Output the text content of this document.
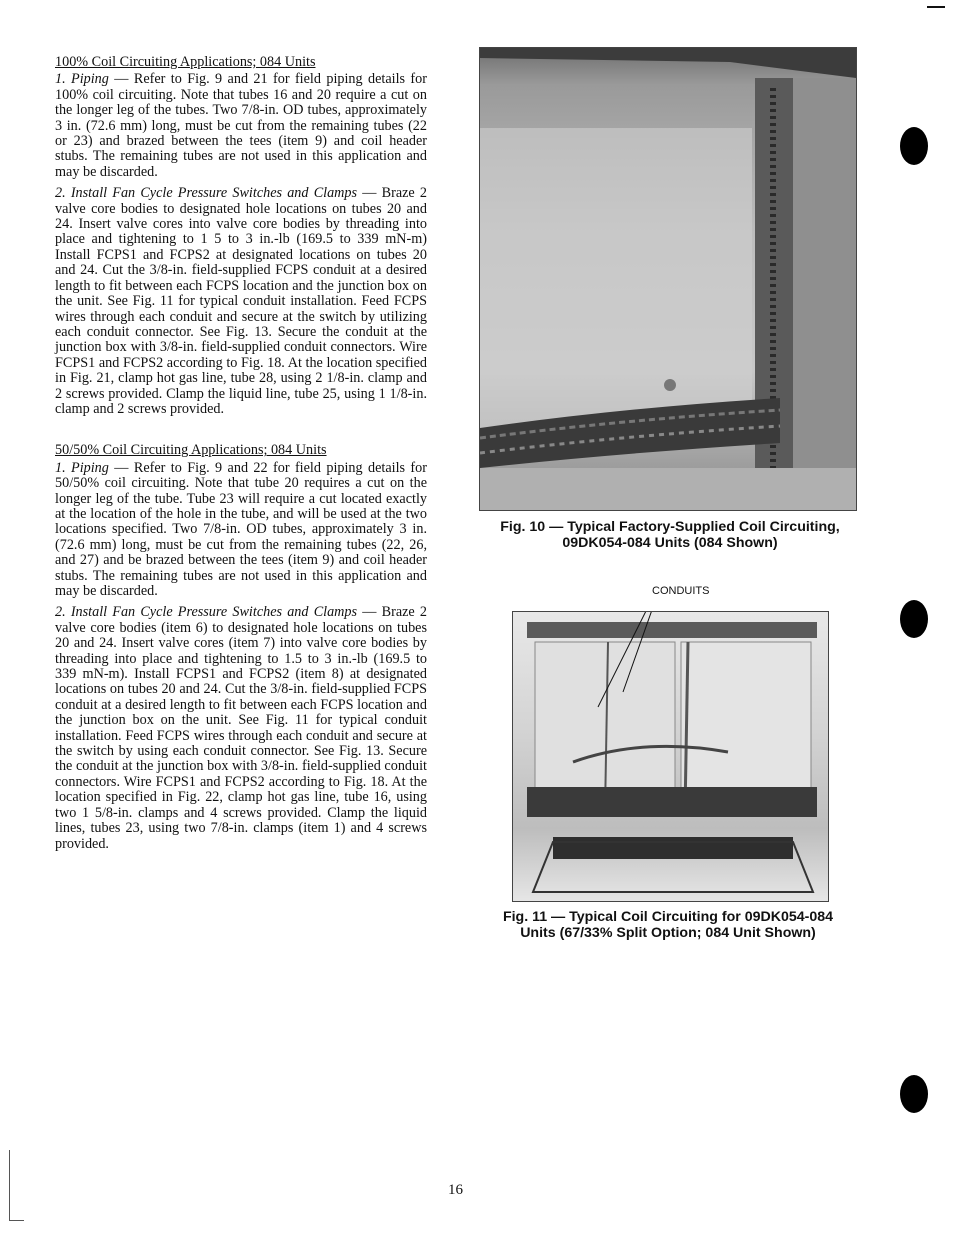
100% Coil Circuiting Applications; 084 Units

1. Piping — Refer to Fig. 9 and 21 for field piping details for 100% coil circuiting. Note that tubes 16 and 20 require a cut on the longer leg of the tubes. Two 7/8-in. OD tubes, approximately 3 in. (72.6 mm) long, must be cut from the remaining tubes (22 or 23) and brazed between the tees (item 9) and coil header stubs. The remaining tubes are not used in this application and may be discarded.

2. Install Fan Cycle Pressure Switches and Clamps — Braze 2 valve core bodies to designated hole locations on tubes 20 and 24. Insert valve cores into valve core bodies by threading into place and tightening to 1 5 to 3 in.-lb (169.5 to 339 mN-m) Install FCPS1 and FCPS2 at designated locations on tubes 20 and 24. Cut the 3/8-in. field-supplied FCPS conduit at a desired length to fit between each FCPS location and the junction box on the unit. See Fig. 11 for typical conduit installation. Feed FCPS wires through each conduit and secure at the switch by utilizing each conduit connector. See Fig. 13. Secure the conduit at the junction box with 3/8-in. field-supplied conduit connectors. Wire FCPS1 and FCPS2 according to Fig. 18. At the location specified in Fig. 21, clamp hot gas line, tube 28, using 2 1/8-in. clamp and 2 screws provided. Clamp the liquid line, tube 25, using 1 1/8-in. clamp and 2 screws provided.

50/50% Coil Circuiting Applications; 084 Units

1. Piping — Refer to Fig. 9 and 22 for field piping details for 50/50% coil circuiting. Note that tube 20 requires a cut on the longer leg of the tube. Tube 23 will require a cut located exactly at the location of the hole in the tube, and will be used at the two locations specified. Two 7/8-in. OD tubes, approximately 3 in. (72.6 mm) long, must be cut from the remaining tubes (22, 26, and 27) and be brazed between the tees (item 9) and coil header stubs. The remaining tubes are not used in this application and may be discarded.

2. Install Fan Cycle Pressure Switches and Clamps — Braze 2 valve core bodies (item 6) to designated hole locations on tubes 20 and 24. Insert valve cores (item 7) into valve core bodies by threading into place and tightening to 1.5 to 3 in.-lb (169.5 to 339 mN-m). Install FCPS1 and FCPS2 (item 8) at designated locations on tubes 20 and 24. Cut the 3/8-in. field-supplied FCPS conduit at a desired length to fit between each FCPS location and the junction box on the unit. See Fig. 11 for typical conduit installation. Feed FCPS wires through each conduit and secure at the switch by using each conduit connector. See Fig. 13. Secure the conduit at the junction box with 3/8-in. field-supplied conduit connectors. Wire FCPS1 and FCPS2 according to Fig. 18. At the location specified in Fig. 22, clamp hot gas line, tube 16, using two 1 5/8-in. clamps and 4 screws provided. Clamp the liquid lines, tubes 23, using two 7/8-in. clamps (item 1) and 4 screws provided.

Fig. 10 — Typical Factory-Supplied Coil Circuiting,
09DK054-084 Units (084 Shown)
CONDUITS
Fig. 11 — Typical Coil Circuiting for 09DK054-084
Units (67/33% Split Option; 084 Unit Shown)
16
